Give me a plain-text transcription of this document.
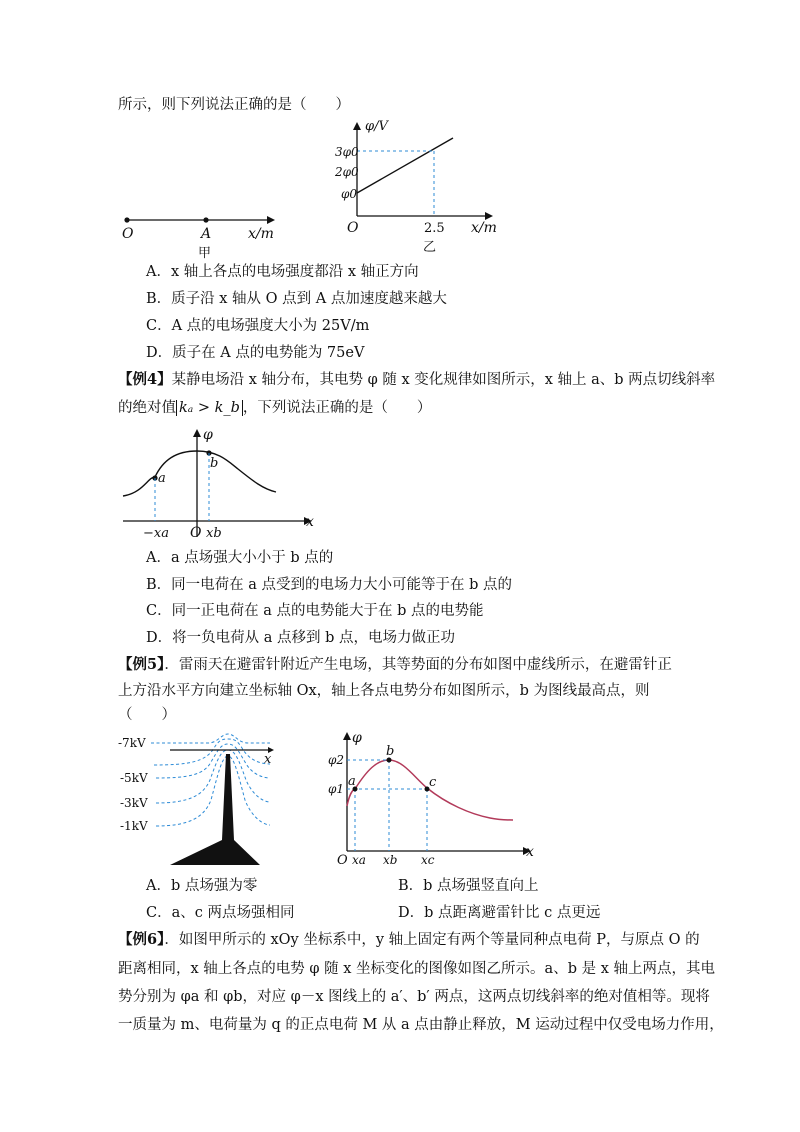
所示，则下列说法正确的是（　　）
O	A	x/m
甲
φ/V
3φ0
2φ0
φ0
O	2.5 x/m
乙
A．x 轴上各点的电场强度都沿 x 轴正方向
B．质子沿 x 轴从 O 点到 A 点加速度越来越大
C．A 点的电场强度大小为 25V/m
D．质子在 A 点的电势能为 75eV
【例4】某静电场沿 x 轴分布，其电势 φ 随 x 变化规律如图所示，x 轴上 a、b 两点切线斜率
的绝对值 kₐ > k_b ，下列说法正确的是（　　）
φ
a
b
−xa O xb
x
A．a 点场强大小小于 b 点的
B．同一电荷在 a 点受到的电场力大小可能等于在 b 点的
C．同一正电荷在 a 点的电势能大于在 b 点的电势能
D．将一负电荷从 a 点移到 b 点，电场力做正功
【例5】．雷雨天在避雷针附近产生电场，其等势面的分布如图中虚线所示，在避雷针正
上方沿水平方向建立坐标轴 Ox，轴上各点电势分布如图所示，b 为图线最高点，则
（　　）
-7kV
-5kV
-3kV
-1kV
x
φ
φ2
φ1 a
b
c
O xa xb xc	x
A．b 点场强为零	B．b 点场强竖直向上
C．a、c 两点场强相同	D．b 点距离避雷针比 c 点更远
【例6】．如图甲所示的 xOy 坐标系中，y 轴上固定有两个等量同种点电荷 P，与原点 O 的
距离相同，x 轴上各点的电势 φ 随 x 坐标变化的图像如图乙所示。a、b 是 x 轴上两点，其电
势分别为 φa 和 φb，对应 φ－x 图线上的 a′、b′ 两点，这两点切线斜率的绝对值相等。现将
一质量为 m、电荷量为 q 的正点电荷 M 从 a 点由静止释放，M 运动过程中仅受电场力作用，
